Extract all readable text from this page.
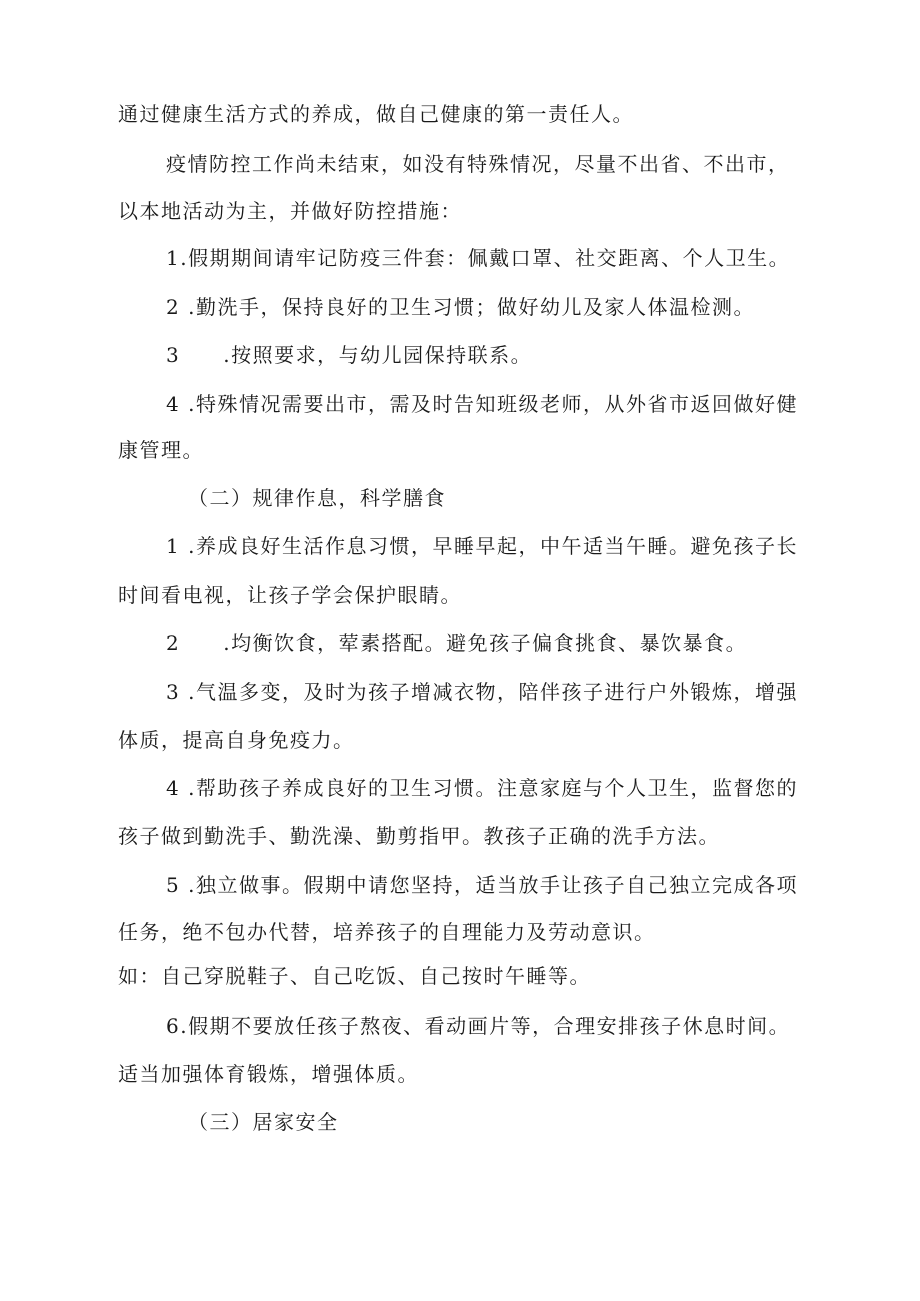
通过健康生活方式的养成，做自己健康的第一责任人。
疫情防控工作尚未结束，如没有特殊情况，尽量不出省、不出市，
以本地活动为主，并做好防控措施：
1.假期期间请牢记防疫三件套：佩戴口罩、社交距离、个人卫生。
2 .勤洗手，保持良好的卫生习惯；做好幼儿及家人体温检测。
3　　.按照要求，与幼儿园保持联系。
4 .特殊情况需要出市，需及时告知班级老师，从外省市返回做好健
康管理。
（二）规律作息，科学膳食
1 .养成良好生活作息习惯，早睡早起，中午适当午睡。避免孩子长
时间看电视，让孩子学会保护眼睛。
2　　.均衡饮食，荤素搭配。避免孩子偏食挑食、暴饮暴食。
3 .气温多变，及时为孩子增减衣物，陪伴孩子进行户外锻炼，增强
体质，提高自身免疫力。
4 .帮助孩子养成良好的卫生习惯。注意家庭与个人卫生，监督您的
孩子做到勤洗手、勤洗澡、勤剪指甲。教孩子正确的洗手方法。
5 .独立做事。假期中请您坚持，适当放手让孩子自己独立完成各项
任务，绝不包办代替，培养孩子的自理能力及劳动意识。
如：自己穿脱鞋子、自己吃饭、自己按时午睡等。
6.假期不要放任孩子熬夜、看动画片等，合理安排孩子休息时间。
适当加强体育锻炼，增强体质。
（三）居家安全
